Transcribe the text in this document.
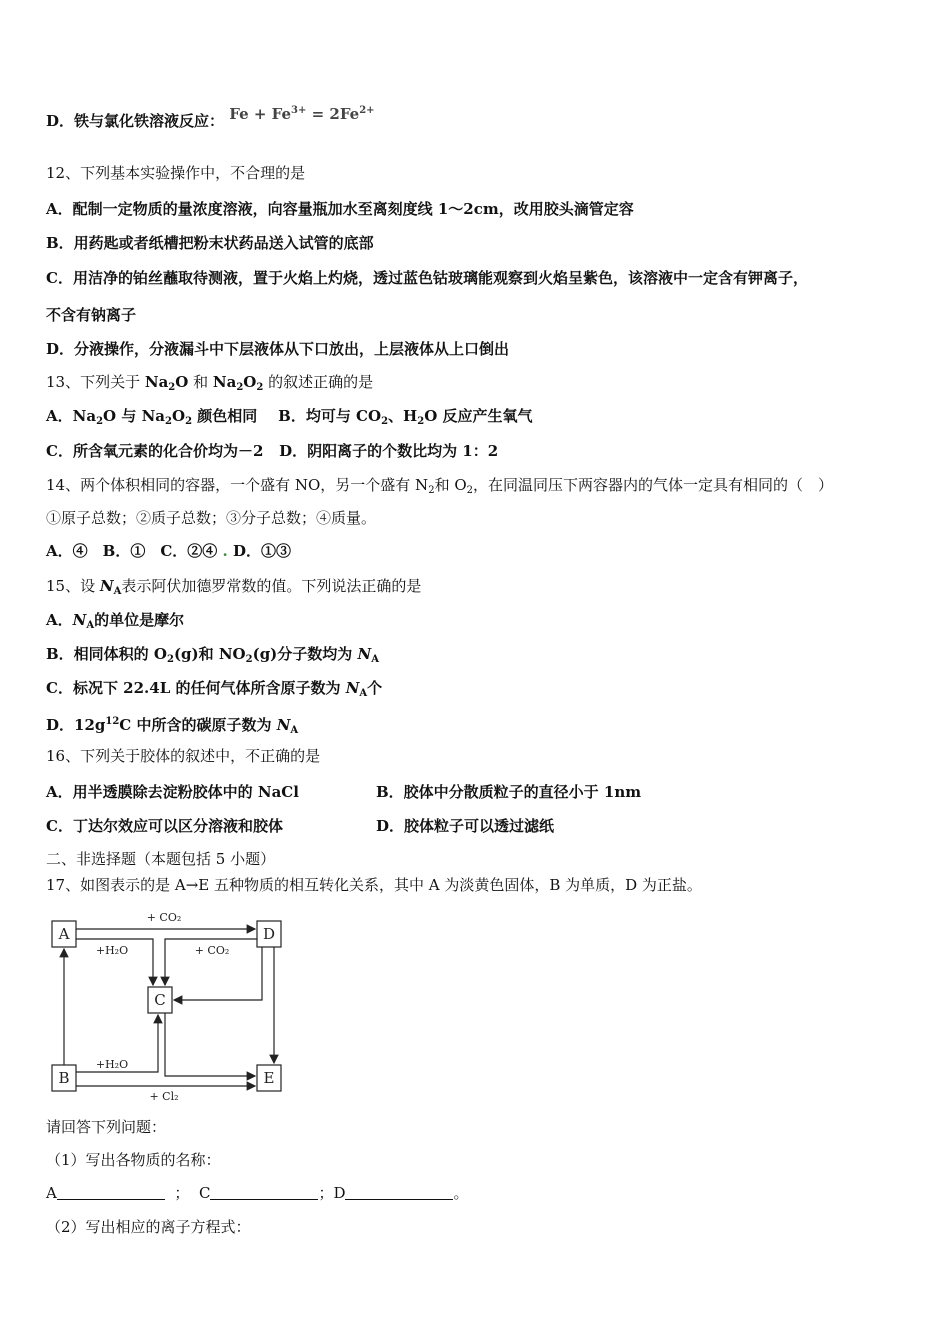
D．铁与氯化铁溶液反应： $Fe + Fe^{3+} = 2Fe^{2+}$
12、下列基本实验操作中，不合理的是
A．配制一定物质的量浓度溶液，向容量瓶加水至离刻度线 1～2cm，改用胶头滴管定容
B．用药匙或者纸槽把粉末状药品送入试管的底部
C．用洁净的铂丝蘸取待测液，置于火焰上灼烧，透过蓝色钴玻璃能观察到火焰呈紫色，该溶液中一定含有钾离子，
不含有钠离子
D．分液操作，分液漏斗中下层液体从下口放出，上层液体从上口倒出
13、下列关于 $Na_2O$ 和 $Na_2O_2$ 的叙述正确的是
A．$Na_2O$ 与 $Na_2O_2$ 颜色相同 B．均可与 $CO_2$、$H_2O$ 反应产生氧气
C．所含氧元素的化合价均为－2 D．阴阳离子的个数比均为 1：2
14、两个体积相同的容器，一个盛有 NO，另一个盛有 $N_2$和 $O_2$，在同温同压下两容器内的气体一定具有相同的（　）
①原子总数；②质子总数；③分子总数；④质量。
A．④　B．①　C．②④ . D．①③
15、设 $N_A$表示阿伏加德罗常数的值。下列说法正确的是
A．$N_A$的单位是摩尔
B．相同体积的 $O_2(g)$和 $NO_2(g)$分子数均为 $N_A$
C．标况下 22.4L 的任何气体所含原子数为 $N_A$个
D．$12g^{12}C$ 中所含的碳原子数为 $N_A$
16、下列关于胶体的叙述中，不正确的是
A．用半透膜除去淀粉胶体中的 NaCl	B．胶体中分散质粒子的直径小于 1nm
C．丁达尔效应可以区分溶液和胶体	D．胶体粒子可以透过滤纸
二、非选择题（本题包括 5 小题）
17、如图表示的是 A→E 五种物质的相互转化关系，其中 A 为淡黄色固体，B 为单质，D 为正盐。
A	D
C
B	E
+ CO₂
+H₂O	+ CO₂
+H₂O
+ Cl₂
请回答下列问题：
（1）写出各物质的名称：
A	； C	；D	。
（2）写出相应的离子方程式：
